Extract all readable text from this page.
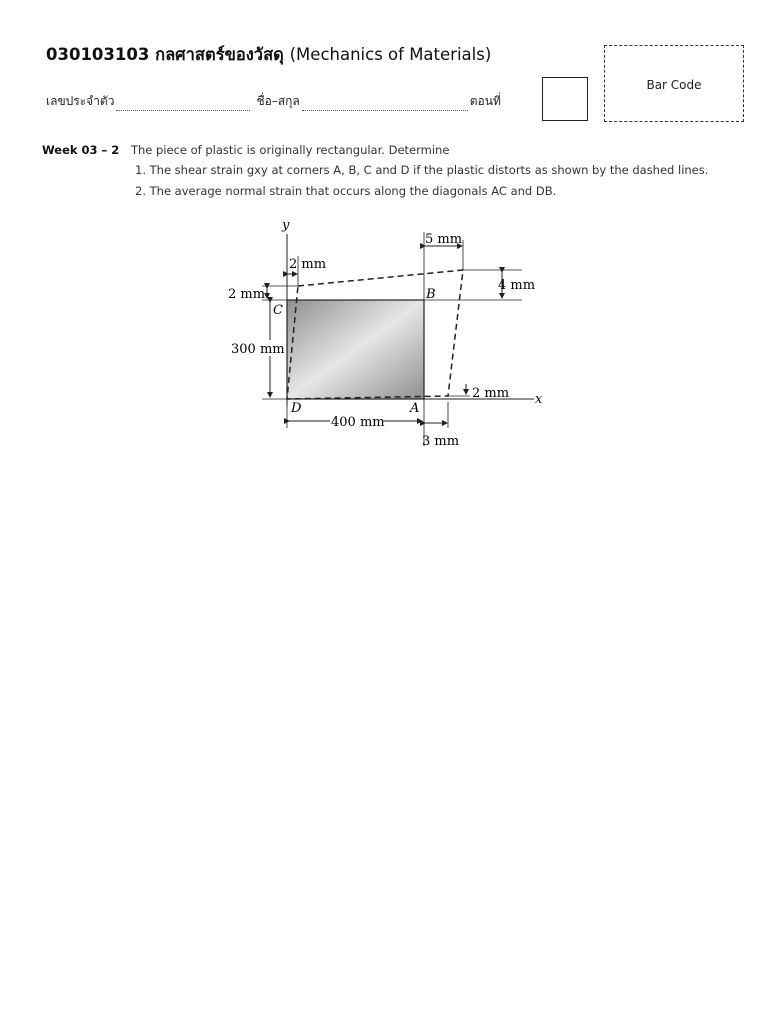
030103103 กลศาสตร์ของวัสดุ (Mechanics of Materials)
เลขประจำตัว	ชื่อ–สกุล	ตอนที่
Bar Code
Week 03 – 2 The piece of plastic is originally rectangular. Determine
1. The shear strain gxy at corners A, B, C and D if the plastic distorts as shown by the dashed lines.
2. The average normal strain that occurs along the diagonals AC and DB.
y
x
4 mm
5 mm
2 mm
2 mm
300 mm
2 mm
400 mm
3 mm
C
B
D	A
